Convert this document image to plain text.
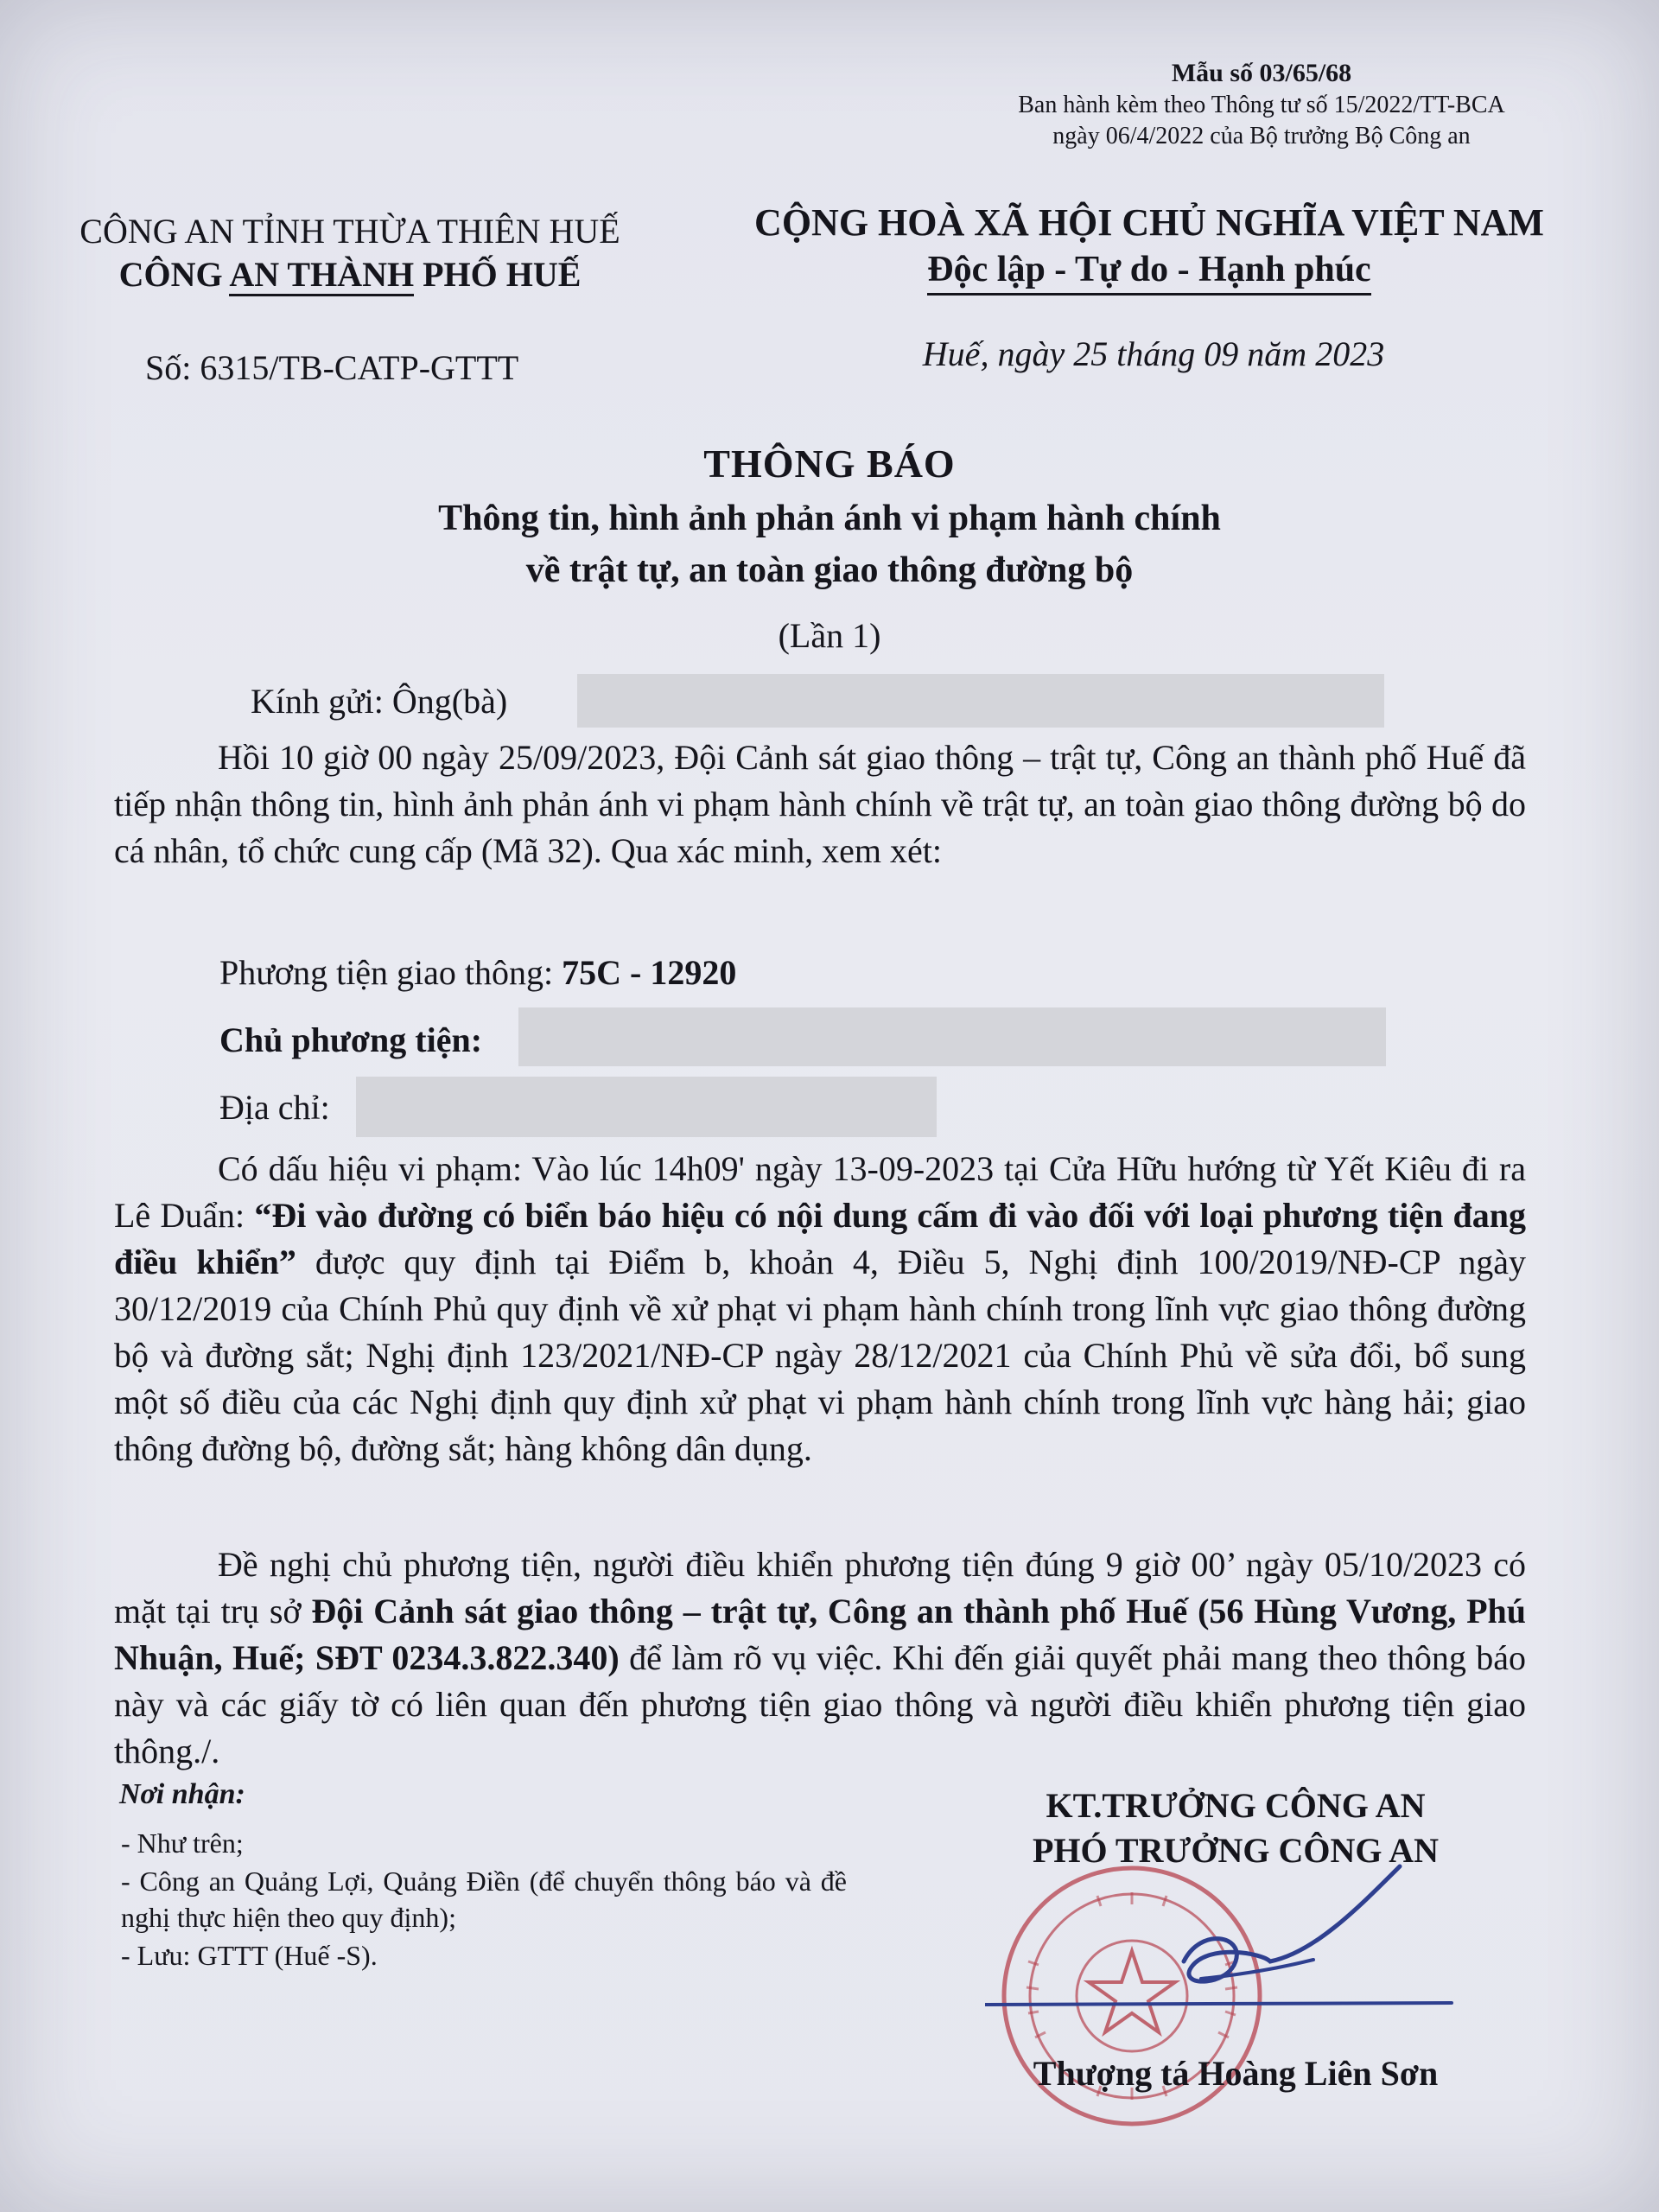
Mẫu số 03/65/68
Ban hành kèm theo Thông tư số 15/2022/TT-BCA
ngày 06/4/2022 của Bộ trưởng Bộ Công an
CÔNG AN TỈNH THỪA THIÊN HUẾ
CÔNG AN THÀNH PHỐ HUẾ
CỘNG HOÀ XÃ HỘI CHỦ NGHĨA VIỆT NAM
Độc lập - Tự do - Hạnh phúc
Số: 6315/TB-CATP-GTTT	Huế, ngày 25 tháng 09 năm 2023
THÔNG BÁO
Thông tin, hình ảnh phản ánh vi phạm hành chính
về trật tự, an toàn giao thông đường bộ
(Lần 1)
Kính gửi: Ông(bà)
Hồi 10 giờ 00 ngày 25/09/2023, Đội Cảnh sát giao thông – trật tự, Công an thành phố Huế đã tiếp nhận thông tin, hình ảnh phản ánh vi phạm hành chính về trật tự, an toàn giao thông đường bộ do cá nhân, tổ chức cung cấp (Mã 32). Qua xác minh, xem xét:
Phương tiện giao thông: 75C - 12920
Chủ phương tiện:
Địa chỉ:
Có dấu hiệu vi phạm: Vào lúc 14h09' ngày 13-09-2023 tại Cửa Hữu hướng từ Yết Kiêu đi ra Lê Duẩn: “Đi vào đường có biển báo hiệu có nội dung cấm đi vào đối với loại phương tiện đang điều khiển” được quy định tại Điểm b, khoản 4, Điều 5, Nghị định 100/2019/NĐ-CP ngày 30/12/2019 của Chính Phủ quy định về xử phạt vi phạm hành chính trong lĩnh vực giao thông đường bộ và đường sắt; Nghị định 123/2021/NĐ-CP ngày 28/12/2021 của Chính Phủ về sửa đổi, bổ sung một số điều của các Nghị định quy định xử phạt vi phạm hành chính trong lĩnh vực hàng hải; giao thông đường bộ, đường sắt; hàng không dân dụng.
Đề nghị chủ phương tiện, người điều khiển phương tiện đúng 9 giờ 00’ ngày 05/10/2023 có mặt tại trụ sở Đội Cảnh sát giao thông – trật tự, Công an thành phố Huế (56 Hùng Vương, Phú Nhuận, Huế; SĐT 0234.3.822.340) để làm rõ vụ việc. Khi đến giải quyết phải mang theo thông báo này và các giấy tờ có liên quan đến phương tiện giao thông và người điều khiển phương tiện giao thông./.
Nơi nhận:
- Như trên;
- Công an Quảng Lợi, Quảng Điền (để chuyển thông báo và đề nghị thực hiện theo quy định);
- Lưu: GTTT (Huế -S).
KT.TRƯỞNG CÔNG AN
PHÓ TRƯỞNG CÔNG AN
Thượng tá Hoàng Liên Sơn
